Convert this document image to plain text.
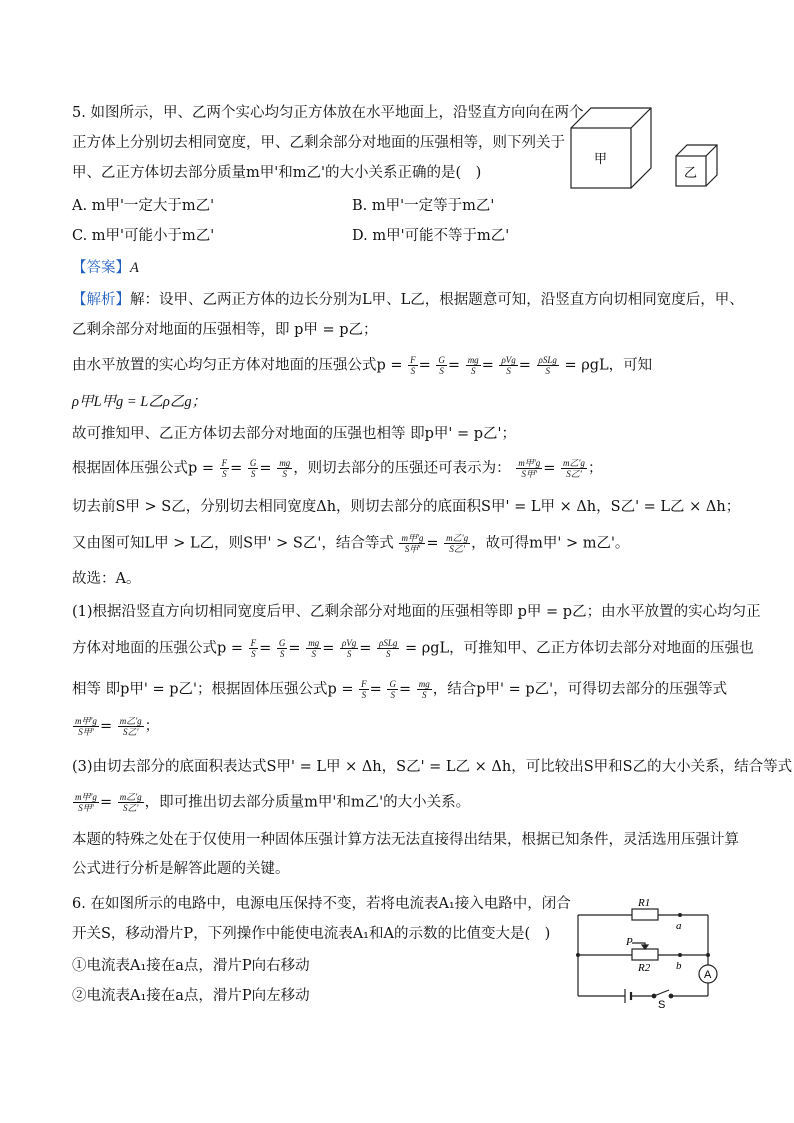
5. 如图所示，甲、乙两个实心均匀正方体放在水平地面上，沿竖直方向向在两个
正方体上分别切去相同宽度，甲、乙剩余部分对地面的压强相等，则下列关于
甲、乙正方体切去部分质量m甲'和m乙'的大小关系正确的是(　)
甲
乙
A. m甲'一定大于m乙'	B. m甲'一定等于m乙'
C. m甲'可能小于m乙'	D. m甲'可能不等于m乙'
【答案】A
【解析】解：设甲、乙两正方体的边长分别为L甲、L乙，根据题意可知，沿竖直方向切相同宽度后，甲、
乙剩余部分对地面的压强相等，即 p甲 = p乙；
由水平放置的实心均匀正方体对地面的压强公式$p = \frac{F}{S} = \frac{G}{S} = \frac{mg}{S} = \frac{\text{ρVg}}{S} = \frac{\text{ρSLg}}{S} = \rho gL$，可知
ρ甲L甲g = L乙ρ乙g；
故可推知甲、乙正方体切去部分对地面的压强也相等 即p甲' = p乙'；
根据固体压强公式$p = \frac{F}{S} = \frac{G}{S} = \frac{mg}{S}$ ，则切去部分的压强还可表示为： $\frac{\text{m甲'g}}{\text{S甲'}} = \frac{\text{m乙'g}}{\text{S乙'}}$ ；
切去前S甲 > S乙，分别切去相同宽度Δh，则切去部分的底面积S甲' = L甲 × Δh，S乙' = L乙 × Δh；
又由图可知L甲 > L乙，则S甲' > S乙'，结合等式 $\frac{\text{m甲'g}}{\text{S甲'}} = \frac{\text{m乙'g}}{\text{S乙'}}$ ，故可得m甲' > m乙'。
故选：A。
(1)根据沿竖直方向切相同宽度后甲、乙剩余部分对地面的压强相等即 p甲 = p乙；由水平放置的实心均匀正
方体对地面的压强公式$p = \frac{F}{S} = \frac{G}{S} = \frac{mg}{S} = \frac{\text{ρVg}}{S} = \frac{\text{ρSLg}}{S} = \rho gL$，可推知甲、乙正方体切去部分对地面的压强也
相等 即p甲' = p乙'；根据固体压强公式$p = \frac{F}{S} = \frac{G}{S} = \frac{mg}{S}$ ，结合p甲' = p乙'，可得切去部分的压强等式
$\frac{\text{m甲'g}}{\text{S甲'}} = \frac{\text{m乙'g}}{\text{S乙'}}$ ；
(3)由切去部分的底面积表达式S甲' = L甲 × Δh，S乙' = L乙 × Δh，可比较出S甲和S乙的大小关系，结合等式
$\frac{\text{m甲'g}}{\text{S甲'}} = \frac{\text{m乙'g}}{\text{S乙'}}$ ，即可推出切去部分质量m甲'和m乙'的大小关系。
本题的特殊之处在于仅使用一种固体压强计算方法无法直接得出结果，根据已知条件，灵活选用压强计算
公式进行分析是解答此题的关键。
6. 在如图所示的电路中，电源电压保持不变，若将电流表A₁接入电路中，闭合
开关S，移动滑片P，下列操作中能使电流表A₁和A的示数的比值变大是(　)
①电流表A₁接在a点，滑片P向右移动
②电流表A₁接在a点，滑片P向左移动
R1
R2
a
b
P
A
S
